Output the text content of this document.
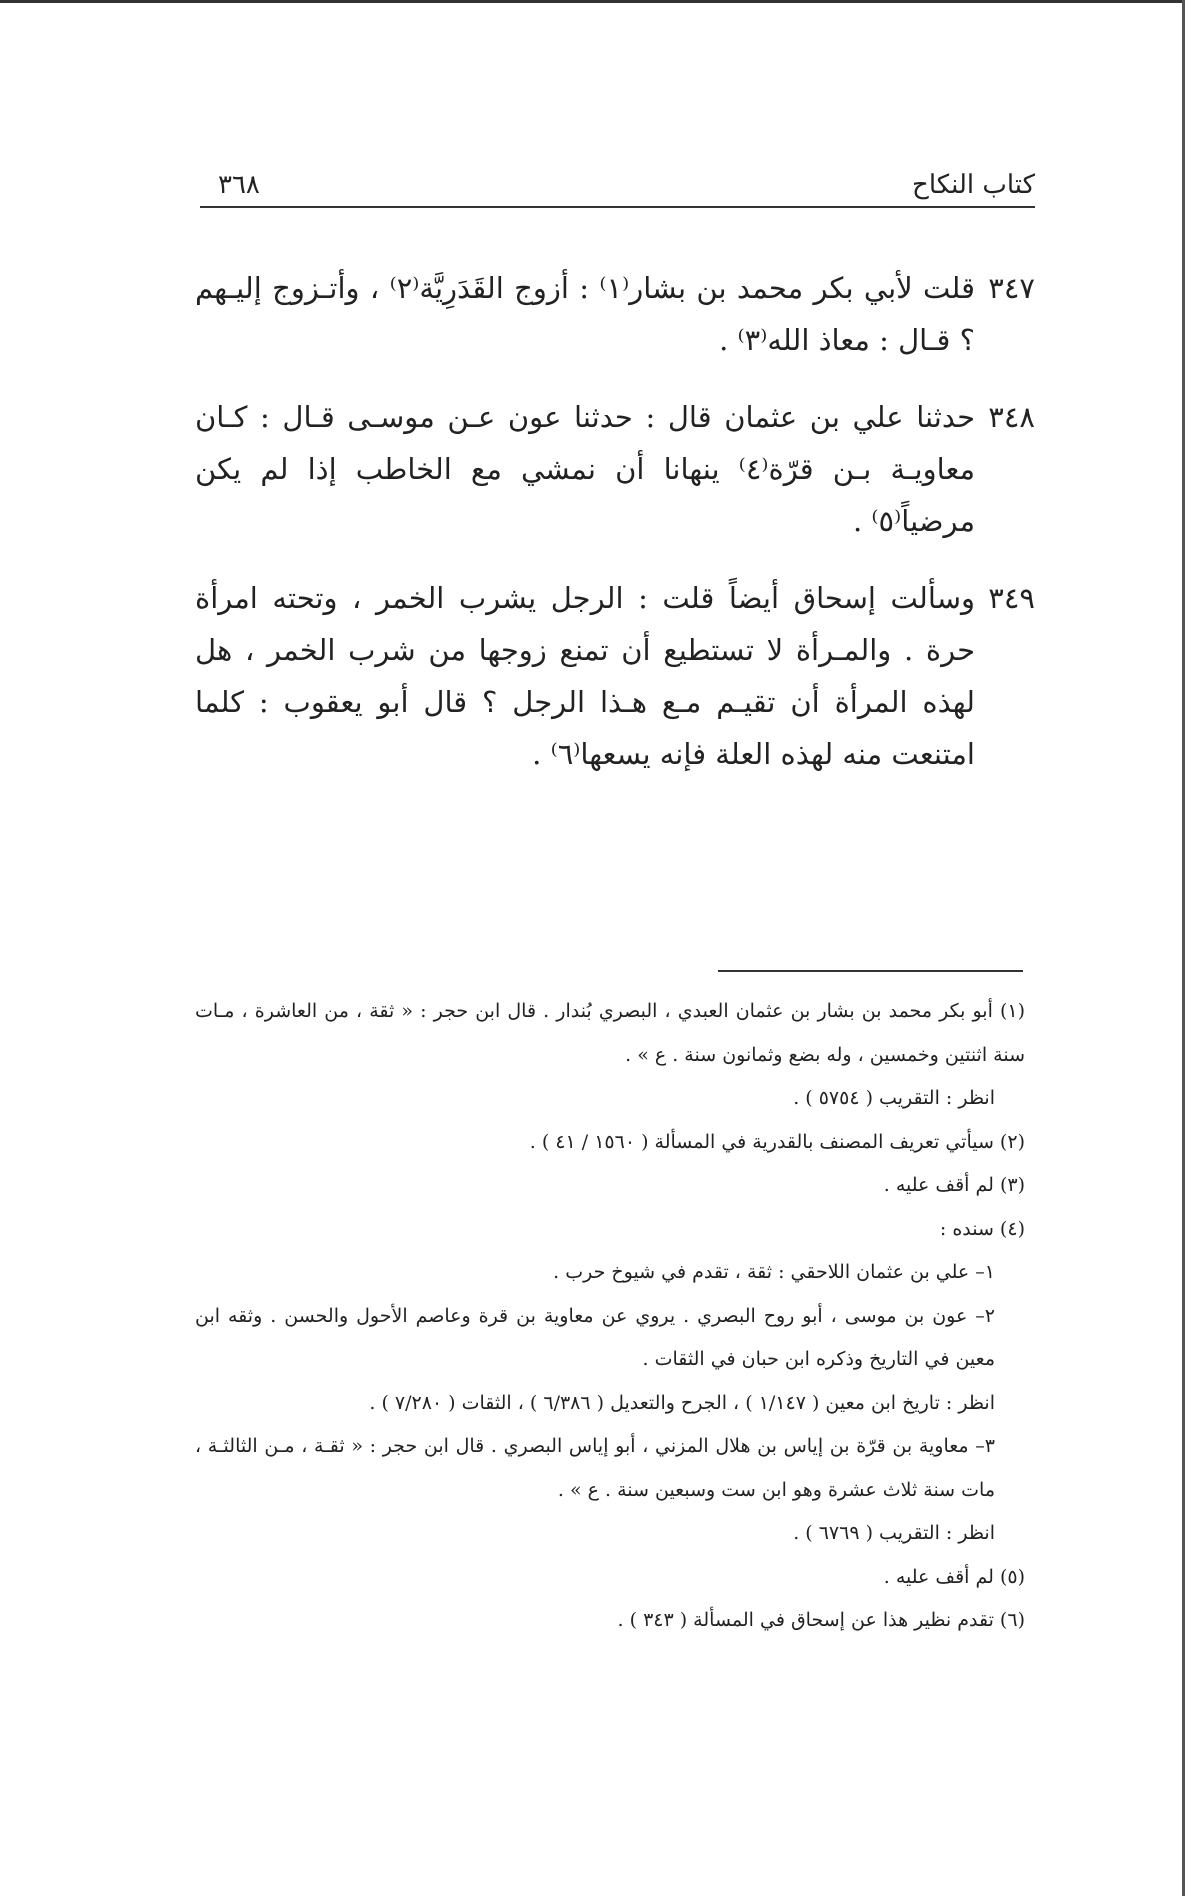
كتاب النكاح
٣٦٨
٣٤٧
قلت لأبي بكر محمد بن بشار⁽١⁾ : أزوج القَدَرِيَّة⁽٢⁾ ، وأتـزوج إليـهم ؟ قـال : معاذ الله⁽٣⁾ .
٣٤٨
حدثنا علي بن عثمان قال : حدثنا عون عـن موسـى قـال : كـان معاويـة بـن قرّة⁽٤⁾ ينهانا أن نمشي مع الخاطب إذا لم يكن مرضياً⁽٥⁾ .
٣٤٩
وسألت إسحاق أيضاً قلت : الرجل يشرب الخمر ، وتحته امرأة حرة . والمـرأة لا تستطيع أن تمنع زوجها من شرب الخمر ، هل لهذه المرأة أن تقيـم مـع هـذا الرجل ؟ قال أبو يعقوب : كلما امتنعت منه لهذه العلة فإنه يسعها⁽٦⁾ .
(١) أبو بكر محمد بن بشار بن عثمان العبدي ، البصري بُندار . قال ابن حجر : « ثقة ، من العاشرة ، مـات سنة اثنتين وخمسين ، وله بضع وثمانون سنة . ع » .
انظر : التقريب ( ٥٧٥٤ ) .
(٢) سيأتي تعريف المصنف بالقدرية في المسألة ( ١٥٦٠ / ٤١ ) .
(٣) لم أقف عليه .
(٤) سنده :
١– علي بن عثمان اللاحقي : ثقة ، تقدم في شيوخ حرب .
٢– عون بن موسى ، أبو روح البصري . يروي عن معاوية بن قرة وعاصم الأحول والحسن . وثقه ابن معين في التاريخ وذكره ابن حبان في الثقات .
انظر : تاريخ ابن معين ( ١/١٤٧ ) ، الجرح والتعديل ( ٦/٣٨٦ ) ، الثقات ( ٧/٢٨٠ ) .
٣– معاوية بن قرّة بن إياس بن هلال المزني ، أبو إياس البصري . قال ابن حجر : « ثقـة ، مـن الثالثـة ، مات سنة ثلاث عشرة وهو ابن ست وسبعين سنة . ع » .
انظر : التقريب ( ٦٧٦٩ ) .
(٥) لم أقف عليه .
(٦) تقدم نظير هذا عن إسحاق في المسألة ( ٣٤٣ ) .
